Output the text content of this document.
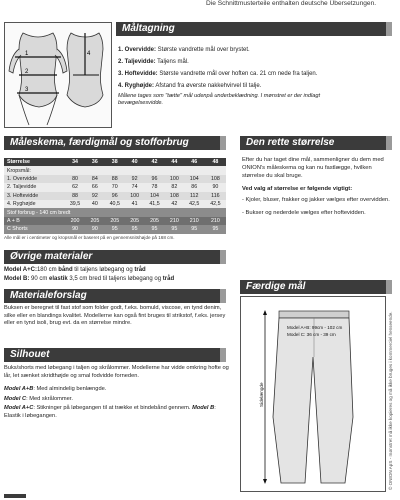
Die Schnittmusterteile enthalten deutsche Übersetzungen.
Måltagning
1
2
3
4
1. Overvidde: Største vandrette mål over brystet.
2. Taljevidde: Taljens mål.
3. Hoftevidde: Største vandrette mål over hoften ca. 21 cm nede fra taljen.
4. Ryghøjde: Afstand fra øverste nakkehvirvel til talje.
Målene tages som "tætte" mål udenpå underbeklædning. I mønstret er der indlagt bevægelsesvidde.
Måleskema, færdigmål og stofforbrug
Størrelse	34	36	38	40	42	44	46	48
Kropsmål:								
1. Overvidde	80	84	88	92	96	100	104	108
2. Taljevidde	62	66	70	74	78	82	86	90
3. Hoftevidde	88	92	96	100	104	108	112	116
4. Ryghøjde	39,5	40	40,5	41	41,5	42	42,5	42,5
Stof forbrug - 140 cm bredt								
A + B	200	205	205	205	205	210	210	210
C Shorts	90	90	95	95	95	95	95	95
Alle mål er i centimeter og kropsmål er baseret på en gennemsnitshøjde på 168 cm.
Øvrige materialer
Model A+C:180 cm bånd til taljens løbegang og tråd
Model B: 90 cm elastik 3,5 cm bred til taljens løbegang og tråd
Materialeforslag
Buksen er beregnet til fast stof som folder godt, f.eks. bomuld, viscose, en tynd denim, silke eller en blandings kvalitet. Modellerne kan også fint bruges til strikstof, f.eks. jersey eller en tynd isoli, brug evt. da en størrelse mindre.
Silhouet
Buks/shorts med løbegang i taljen og skrålommer. Modellerne har vidde omkring hofte og lår, let sænket skridthøjde og smal fodvidde forneden.
Model A+B: Med almindelig benlængde.
Model C: Med skrålommer.
Model A+C: Stikninger på løbegangen til at trække et bindebånd gennem. Model B: Elastik i løbegangen.
Den rette størrelse
Efter du har taget dine mål, sammenligner du dem med ONION's måleskema og kan nu fastlægge, hvilken størrelse du skal bruge.
Ved valg af størrelse er følgende vigtigt:
- Kjoler, bluser, frakker og jakker vælges efter overvidden.
- Bukser og nederdele vælges efter hoftevidden.
Færdige mål
Model A+B: 99cm - 102 cm
Model C: 36 cm - 39 cm
Sidelængde	© ONION ApS - mønstret må ikke kopieres og må ikke bruges i kommerciel henseende.
